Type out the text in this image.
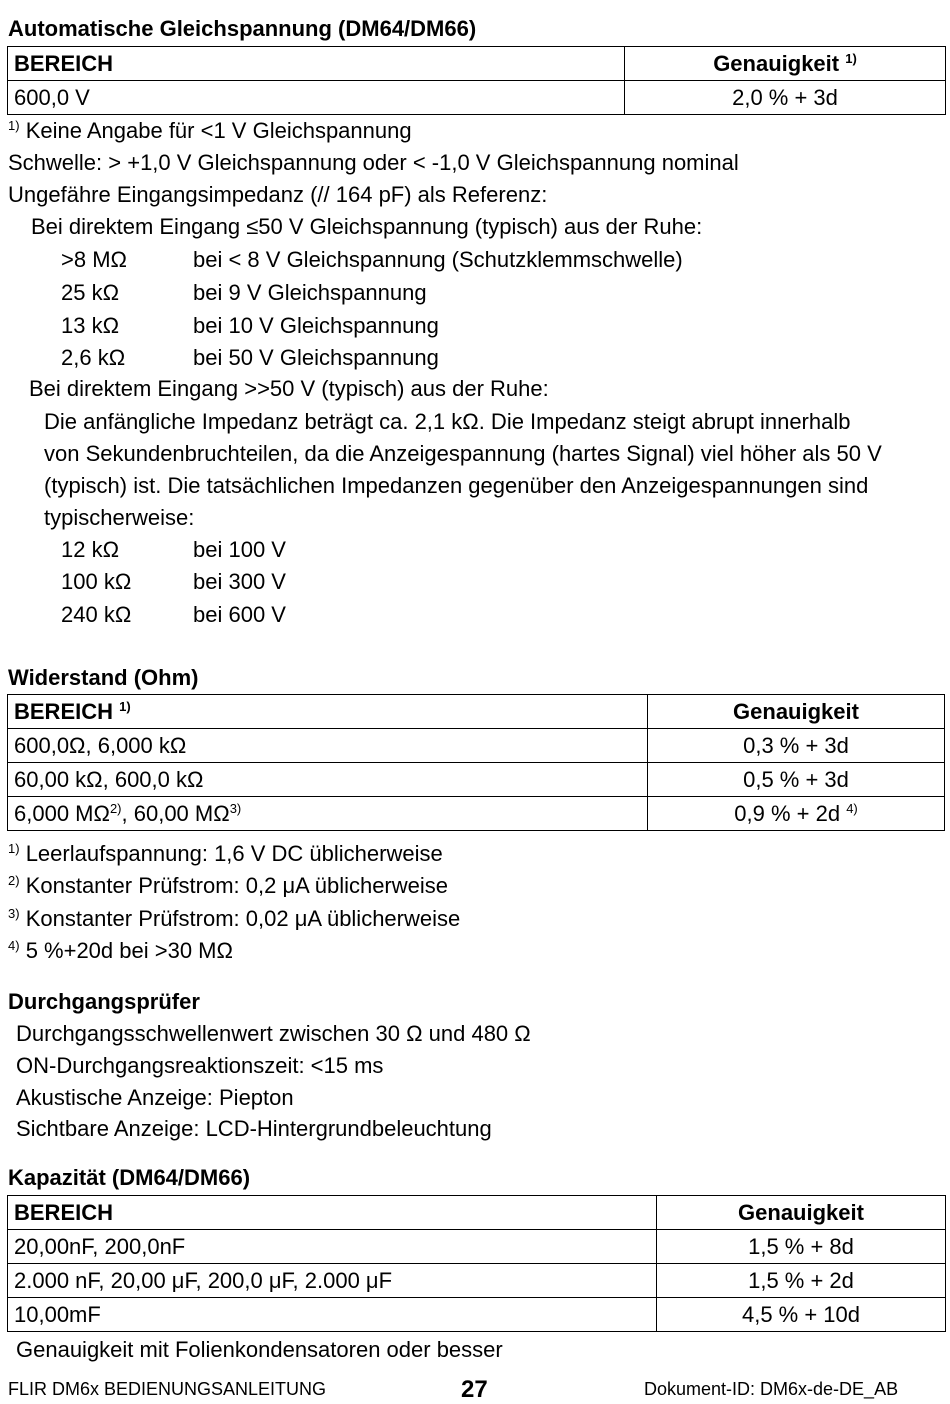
Automatische Gleichspannung (DM64/DM66)
BEREICH	Genauigkeit $^{1)}$
600,0 V	2,0 % + 3d
$^{1)}$ Keine Angabe für <1 V Gleichspannung
Schwelle: > +1,0 V Gleichspannung oder < -1,0 V Gleichspannung nominal
Ungefähre Eingangsimpedanz (// 164 pF) als Referenz:
Bei direktem Eingang ≤50 V Gleichspannung (typisch) aus der Ruhe:
>8 MΩ	bei < 8 V Gleichspannung (Schutzklemmschwelle)
25 kΩ	bei 9 V Gleichspannung
13 kΩ	bei 10 V Gleichspannung
2,6 kΩ	bei 50 V Gleichspannung
Bei direktem Eingang >>50 V (typisch) aus der Ruhe:
Die anfängliche Impedanz beträgt ca. 2,1 kΩ. Die Impedanz steigt abrupt innerhalb
von Sekundenbruchteilen, da die Anzeigespannung (hartes Signal) viel höher als 50 V
(typisch) ist. Die tatsächlichen Impedanzen gegenüber den Anzeigespannungen sind
typischerweise:
12 kΩ	bei 100 V
100 kΩ	bei 300 V
240 kΩ	bei 600 V
Widerstand (Ohm)
BEREICH $^{1)}$	Genauigkeit
600,0Ω, 6,000 kΩ	0,3 % + 3d
60,00 kΩ, 600,0 kΩ	0,5 % + 3d
6,000 MΩ$^{2)}$, 60,00 MΩ$^{3)}$	0,9 % + 2d $^{4)}$
$^{1)}$ Leerlaufspannung: 1,6 V DC üblicherweise
$^{2)}$ Konstanter Prüfstrom: 0,2 μA üblicherweise
$^{3)}$ Konstanter Prüfstrom: 0,02 μA üblicherweise
$^{4)}$ 5 %+20d bei >30 MΩ
Durchgangsprüfer
Durchgangsschwellenwert zwischen 30 Ω und 480 Ω
ON-Durchgangsreaktionszeit: <15 ms
Akustische Anzeige: Piepton
Sichtbare Anzeige: LCD-Hintergrundbeleuchtung
Kapazität (DM64/DM66)
BEREICH	Genauigkeit
20,00nF, 200,0nF	1,5 % + 8d
2.000 nF, 20,00 μF, 200,0 μF, 2.000 μF	1,5 % + 2d
10,00mF	4,5 % + 10d
Genauigkeit mit Folienkondensatoren oder besser
FLIR DM6x BEDIENUNGSANLEITUNG	27	Dokument-ID: DM6x-de-DE_AB
